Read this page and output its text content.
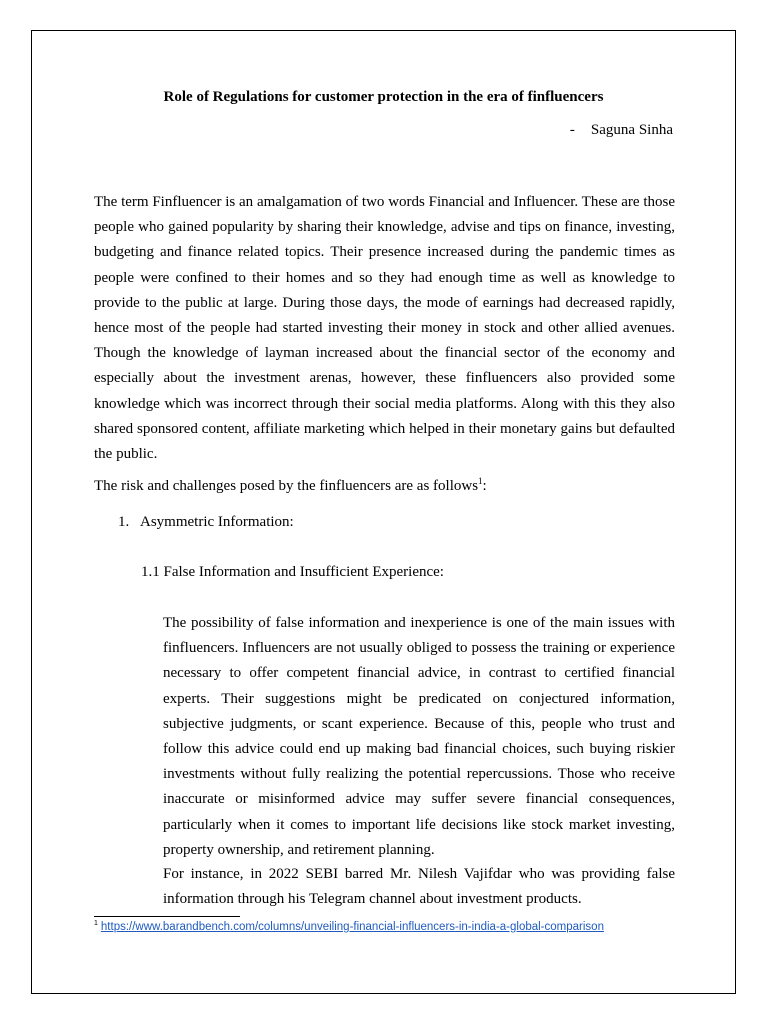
Role of Regulations for customer protection in the era of finfluencers

- Saguna Sinha

The term Finfluencer is an amalgamation of two words Financial and Influencer. These are those people who gained popularity by sharing their knowledge, advise and tips on finance, investing, budgeting and finance related topics. Their presence increased during the pandemic times as people were confined to their homes and so they had enough time as well as knowledge to provide to the public at large. During those days, the mode of earnings had decreased rapidly, hence most of the people had started investing their money in stock and other allied avenues. Though the knowledge of layman increased about the financial sector of the economy and especially about the investment arenas, however, these finfluencers also provided some knowledge which was incorrect through their social media platforms. Along with this they also shared sponsored content, affiliate marketing which helped in their monetary gains but defaulted the public.

The risk and challenges posed by the finfluencers are as follows$^1$:

1. Asymmetric Information:
1.1 False Information and Insufficient Experience:

The possibility of false information and inexperience is one of the main issues with finfluencers. Influencers are not usually obliged to possess the training or experience necessary to offer competent financial advice, in contrast to certified financial experts. Their suggestions might be predicated on conjectured information, subjective judgments, or scant experience. Because of this, people who trust and follow this advice could end up making bad financial choices, such buying riskier investments without fully realizing the potential repercussions. Those who receive inaccurate or misinformed advice may suffer severe financial consequences, particularly when it comes to important life decisions like stock market investing, property ownership, and retirement planning.

For instance, in 2022 SEBI barred Mr. Nilesh Vajifdar who was providing false information through his Telegram channel about investment products.

$^1$ https://www.barandbench.com/columns/unveiling-financial-influencers-in-india-a-global-comparison
